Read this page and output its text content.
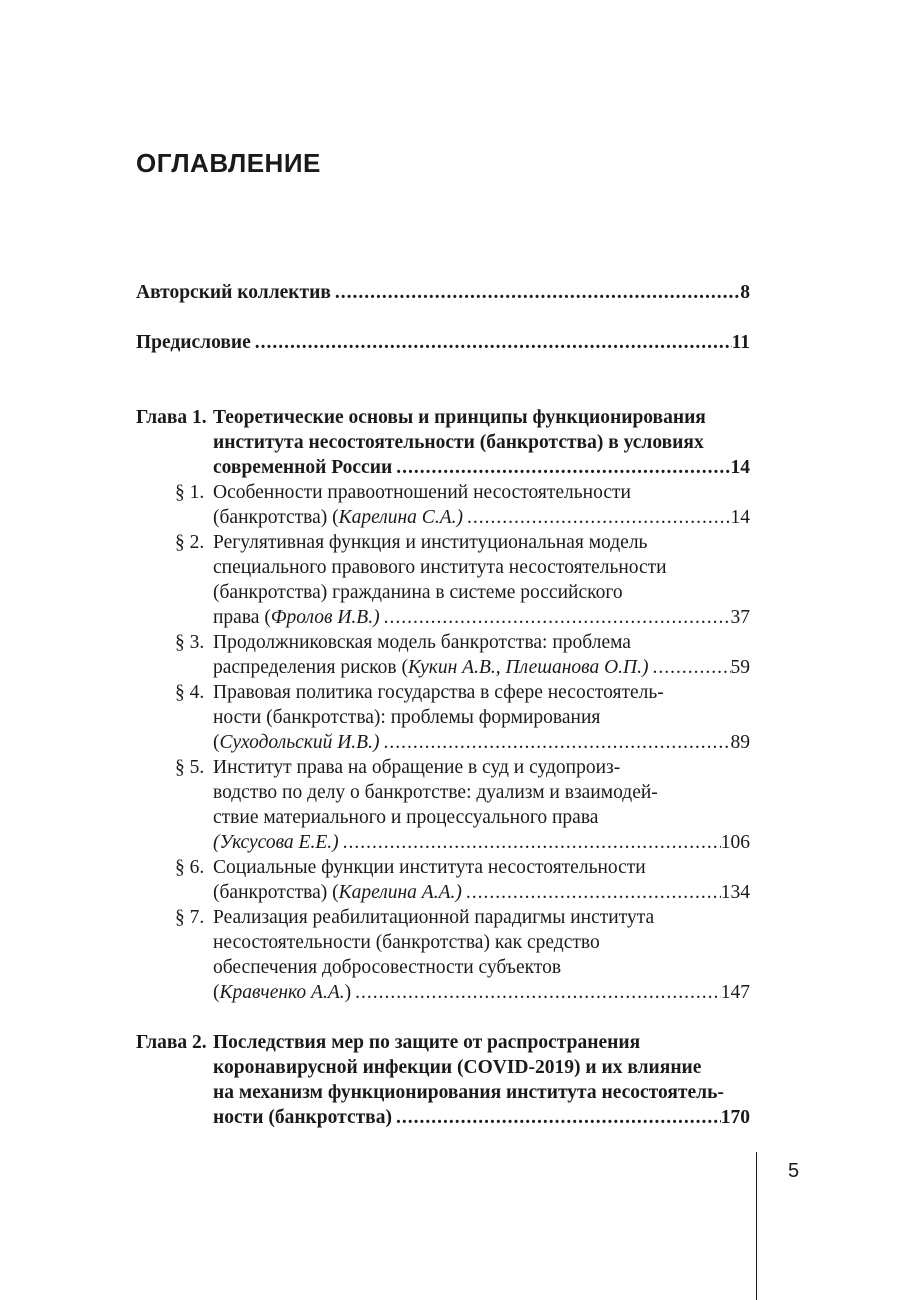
ОГЛАВЛЕНИЕ
Авторский коллектив .....	8
Предисловие .....	11
Глава 1. Теоретические основы и принципы функционирования
института несостоятельности (банкротства) в условиях
современной России .....	14
§ 1. Особенности правоотношений несостоятельности
(банкротства) (Карелина С.А.) .....	14
§ 2. Регулятивная функция и институциональная модель
специального правового института несостоятельности
(банкротства) гражданина в системе российского
права (Фролов И.В.) .....	37
§ 3. Продолжниковская модель банкротства: проблема
распределения рисков (Кукин А.В., Плешанова О.П.) .....	59
§ 4. Правовая политика государства в сфере несостоятель-
ности (банкротства): проблемы формирования
(Суходольский И.В.) .....	89
§ 5. Институт права на обращение в суд и судопроиз-
водство по делу о банкротстве: дуализм и взаимодей-
ствие материального и процессуального права
(Уксусова Е.Е.) .....	106
§ 6. Социальные функции института несостоятельности
(банкротства) (Карелина А.А.) .....	134
§ 7. Реализация реабилитационной парадигмы института
несостоятельности (банкротства) как средство
обеспечения добросовестности субъектов
(Кравченко А.А.) .....	147
Глава 2. Последствия мер по защите от распространения
коронавирусной инфекции (COVID-2019) и их влияние
на механизм функционирования института несостоятель-
ности (банкротства) .....	170
5
